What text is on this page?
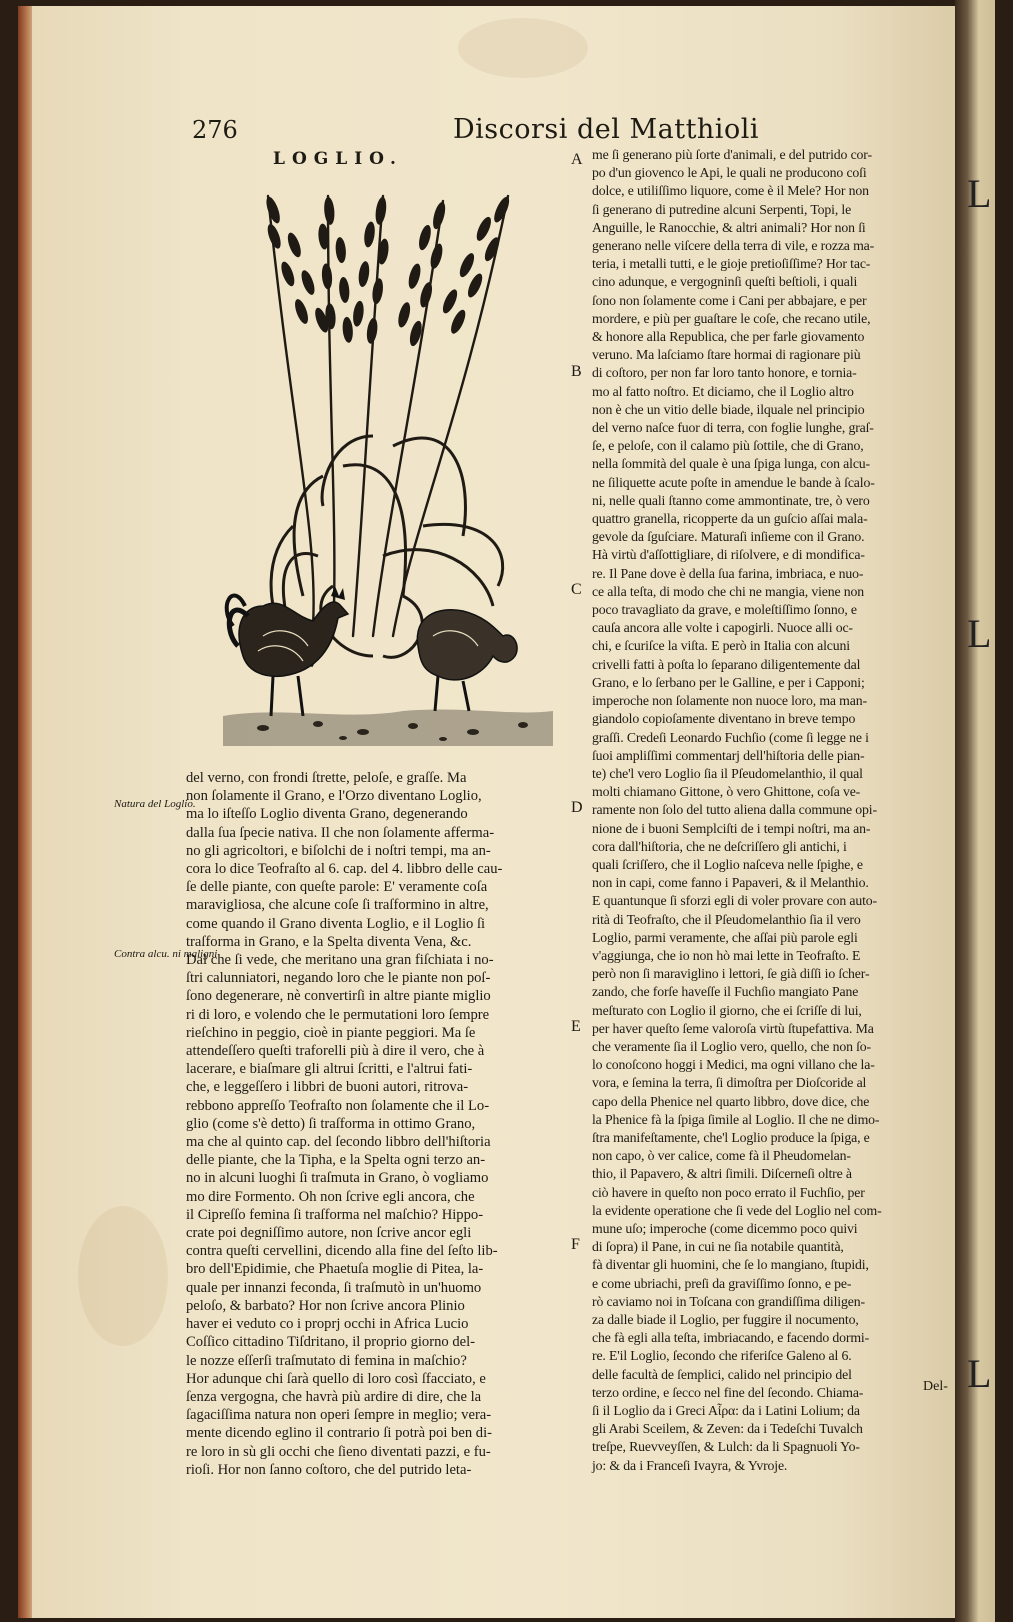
276	Discorsi del Matthioli
LOGLIO.
Natura del Loglio.
Contra alcu. ni maligni
A
B
C
D
E
F

del verno, con frondi ſtrette, peloſe, e graſſe. Ma

non ſolamente il Grano, e l'Orzo diventano Loglio,

ma lo iſteſſo Loglio diventa Grano, degenerando

dalla ſua ſpecie nativa. Il che non ſolamente afferma-

no gli agricoltori, e biſolchi de i noſtri tempi, ma an-

cora lo dice Teofraſto al 6. cap. del 4. libbro delle cau-

ſe delle piante, con queſte parole: E' veramente coſa

maravigliosa, che alcune coſe ſi traſformino in altre,

come quando il Grano diventa Loglio, e il Loglio ſi

traſforma in Grano, e la Spelta diventa Vena, &c.

Dal che ſi vede, che meritano una gran fiſchiata i no-

ſtri calunniatori, negando loro che le piante non poſ-

ſono degenerare, nè convertirſi in altre piante miglio

ri di loro, e volendo che le permutationi loro ſempre

rieſchino in peggio, cioè in piante peggiori. Ma ſe

attendeſſero queſti traforelli più à dire il vero, che à

lacerare, e biaſmare gli altrui ſcritti, e l'altrui fati-

che, e leggeſſero i libbri de buoni autori, ritrova-

rebbono appreſſo Teofraſto non ſolamente che il Lo-

glio (come s'è detto) ſi traſforma in ottimo Grano,

ma che al quinto cap. del ſecondo libbro dell'hiſtoria

delle piante, che la Tipha, e la Spelta ogni terzo an-

no in alcuni luoghi ſi traſmuta in Grano, ò vogliamo

mo dire Formento. Oh non ſcrive egli ancora, che

il Cipreſſo femina ſi traſforma nel maſchio? Hippo-

crate poi degniſſimo autore, non ſcrive ancor egli

contra queſti cervellini, dicendo alla fine del ſeſto lib-

bro dell'Epidimie, che Phaetuſa moglie di Pitea, la-

quale per innanzi feconda, ſi traſmutò in un'huomo

peloſo, & barbato? Hor non ſcrive ancora Plinio

haver ei veduto co i proprj occhi in Africa Lucio

Coſſico cittadino Tiſdritano, il proprio giorno del-

le nozze eſſerſi traſmutato di femina in maſchio?

Hor adunque chi ſarà quello di loro così ſfacciato, e

ſenza vergogna, che havrà più ardire di dire, che la

ſagaciſſima natura non operi ſempre in meglio; vera-

mente dicendo eglino il contrario ſi potrà poi ben di-

re loro in sù gli occhi che ſieno diventati pazzi, e fu-

rioſi. Hor non ſanno coſtoro, che del putrido leta-

me ſi generano più ſorte d'animali, e del putrido cor-

po d'un giovenco le Api, le quali ne producono coſi

dolce, e utiliſſimo liquore, come è il Mele? Hor non

ſi generano di putredine alcuni Serpenti, Topi, le

Anguille, le Ranocchie, & altri animali? Hor non ſi

generano nelle viſcere della terra di vile, e rozza ma-

teria, i metalli tutti, e le gioje pretioſiſſime? Hor tac-

cino adunque, e vergogninſi queſti beſtioli, i quali

ſono non ſolamente come i Cani per abbajare, e per

mordere, e più per guaſtare le coſe, che recano utile,

& honore alla Republica, che per farle giovamento

veruno. Ma laſciamo ſtare hormai di ragionare più

di coſtoro, per non far loro tanto honore, e tornia-

mo al fatto noſtro. Et diciamo, che il Loglio altro

non è che un vitio delle biade, ilquale nel principio

del verno naſce fuor di terra, con foglie lunghe, graſ-

ſe, e peloſe, con il calamo più ſottile, che di Grano,

nella ſommità del quale è una ſpiga lunga, con alcu-

ne ſiliquette acute poſte in amendue le bande à ſcalo-

ni, nelle quali ſtanno come ammontinate, tre, ò vero

quattro granella, ricopperte da un guſcio aſſai mala-

gevole da ſguſciare. Maturaſi inſieme con il Grano.

Hà virtù d'aſſottigliare, di riſolvere, e di mondifica-

re. Il Pane dove è della ſua farina, imbriaca, e nuo-

ce alla teſta, di modo che chi ne mangia, viene non

poco travagliato da grave, e moleſtiſſimo ſonno, e

cauſa ancora alle volte i capogirli. Nuoce alli oc-

chi, e ſcuriſce la viſta. E però in Italia con alcuni

crivelli fatti à poſta lo ſeparano diligentemente dal

Grano, e lo ſerbano per le Galline, e per i Capponi;

imperoche non ſolamente non nuoce loro, ma man-

giandolo copioſamente diventano in breve tempo

graſſi. Credeſi Leonardo Fuchſio (come ſi legge ne i

ſuoi ampliſſimi commentarj dell'hiſtoria delle pian-

te) che'l vero Loglio ſia il Pſeudomelanthio, il qual

molti chiamano Gittone, ò vero Ghittone, coſa ve-

ramente non ſolo del tutto aliena dalla commune opi-

nione de i buoni Semplciſti de i tempi noſtri, ma an-

cora dall'hiſtoria, che ne deſcriſſero gli antichi, i

quali ſcriſſero, che il Loglio naſceva nelle ſpighe, e

non in capi, come fanno i Papaveri, & il Melanthio.

E quantunque ſi sforzi egli di voler provare con auto-

rità di Teofraſto, che il Pſeudomelanthio ſia il vero

Loglio, parmi veramente, che aſſai più parole egli

v'aggiunga, che io non hò mai lette in Teofraſto. E

però non ſi maraviglino i lettori, ſe già diſſi io ſcher-

zando, che forſe haveſſe il Fuchſio mangiato Pane

meſturato con Loglio il giorno, che ei ſcriſſe di lui,

per haver queſto ſeme valoroſa virtù ſtupefattiva. Ma

che veramente ſia il Loglio vero, quello, che non ſo-

lo conoſcono hoggi i Medici, ma ogni villano che la-

vora, e ſemina la terra, ſi dimoſtra per Dioſcoride al

capo della Phenice nel quarto libbro, dove dice, che

la Phenice fà la ſpiga ſimile al Loglio. Il che ne dimo-

ſtra manifeſtamente, che'l Loglio produce la ſpiga, e

non capo, ò ver calice, come fà il Pheudomelan-

thio, il Papavero, & altri ſimili. Diſcerneſi oltre à

ciò havere in queſto non poco errato il Fuchſio, per

la evidente operatione che ſi vede del Loglio nel com-

mune uſo; imperoche (come dicemmo poco quivi

di ſopra) il Pane, in cui ne ſia notabile quantità,

fà diventar gli huomini, che ſe lo mangiano, ſtupidi,

e come ubriachi, preſi da graviſſimo ſonno, e pe-

rò caviamo noi in Toſcana con grandiſſima diligen-

za dalle biade il Loglio, per fuggire il nocumento,

che fà egli alla teſta, imbriacando, e facendo dormi-

re. E'il Loglio, ſecondo che riferiſce Galeno al 6.

delle facultà de ſemplici, calido nel principio del

terzo ordine, e ſecco nel fine del ſecondo. Chiama-

ſi il Loglio da i Greci Aἶρα: da i Latini Lolium; da

gli Arabi Sceilem, & Zeven: da i Tedeſchi Tuvalch

treſpe, Ruevveyſſen, & Lulch: da li Spagnuoli Yo-

jo: & da i Franceſi Ivayra, & Yvroje.

Del-
L
L
L
